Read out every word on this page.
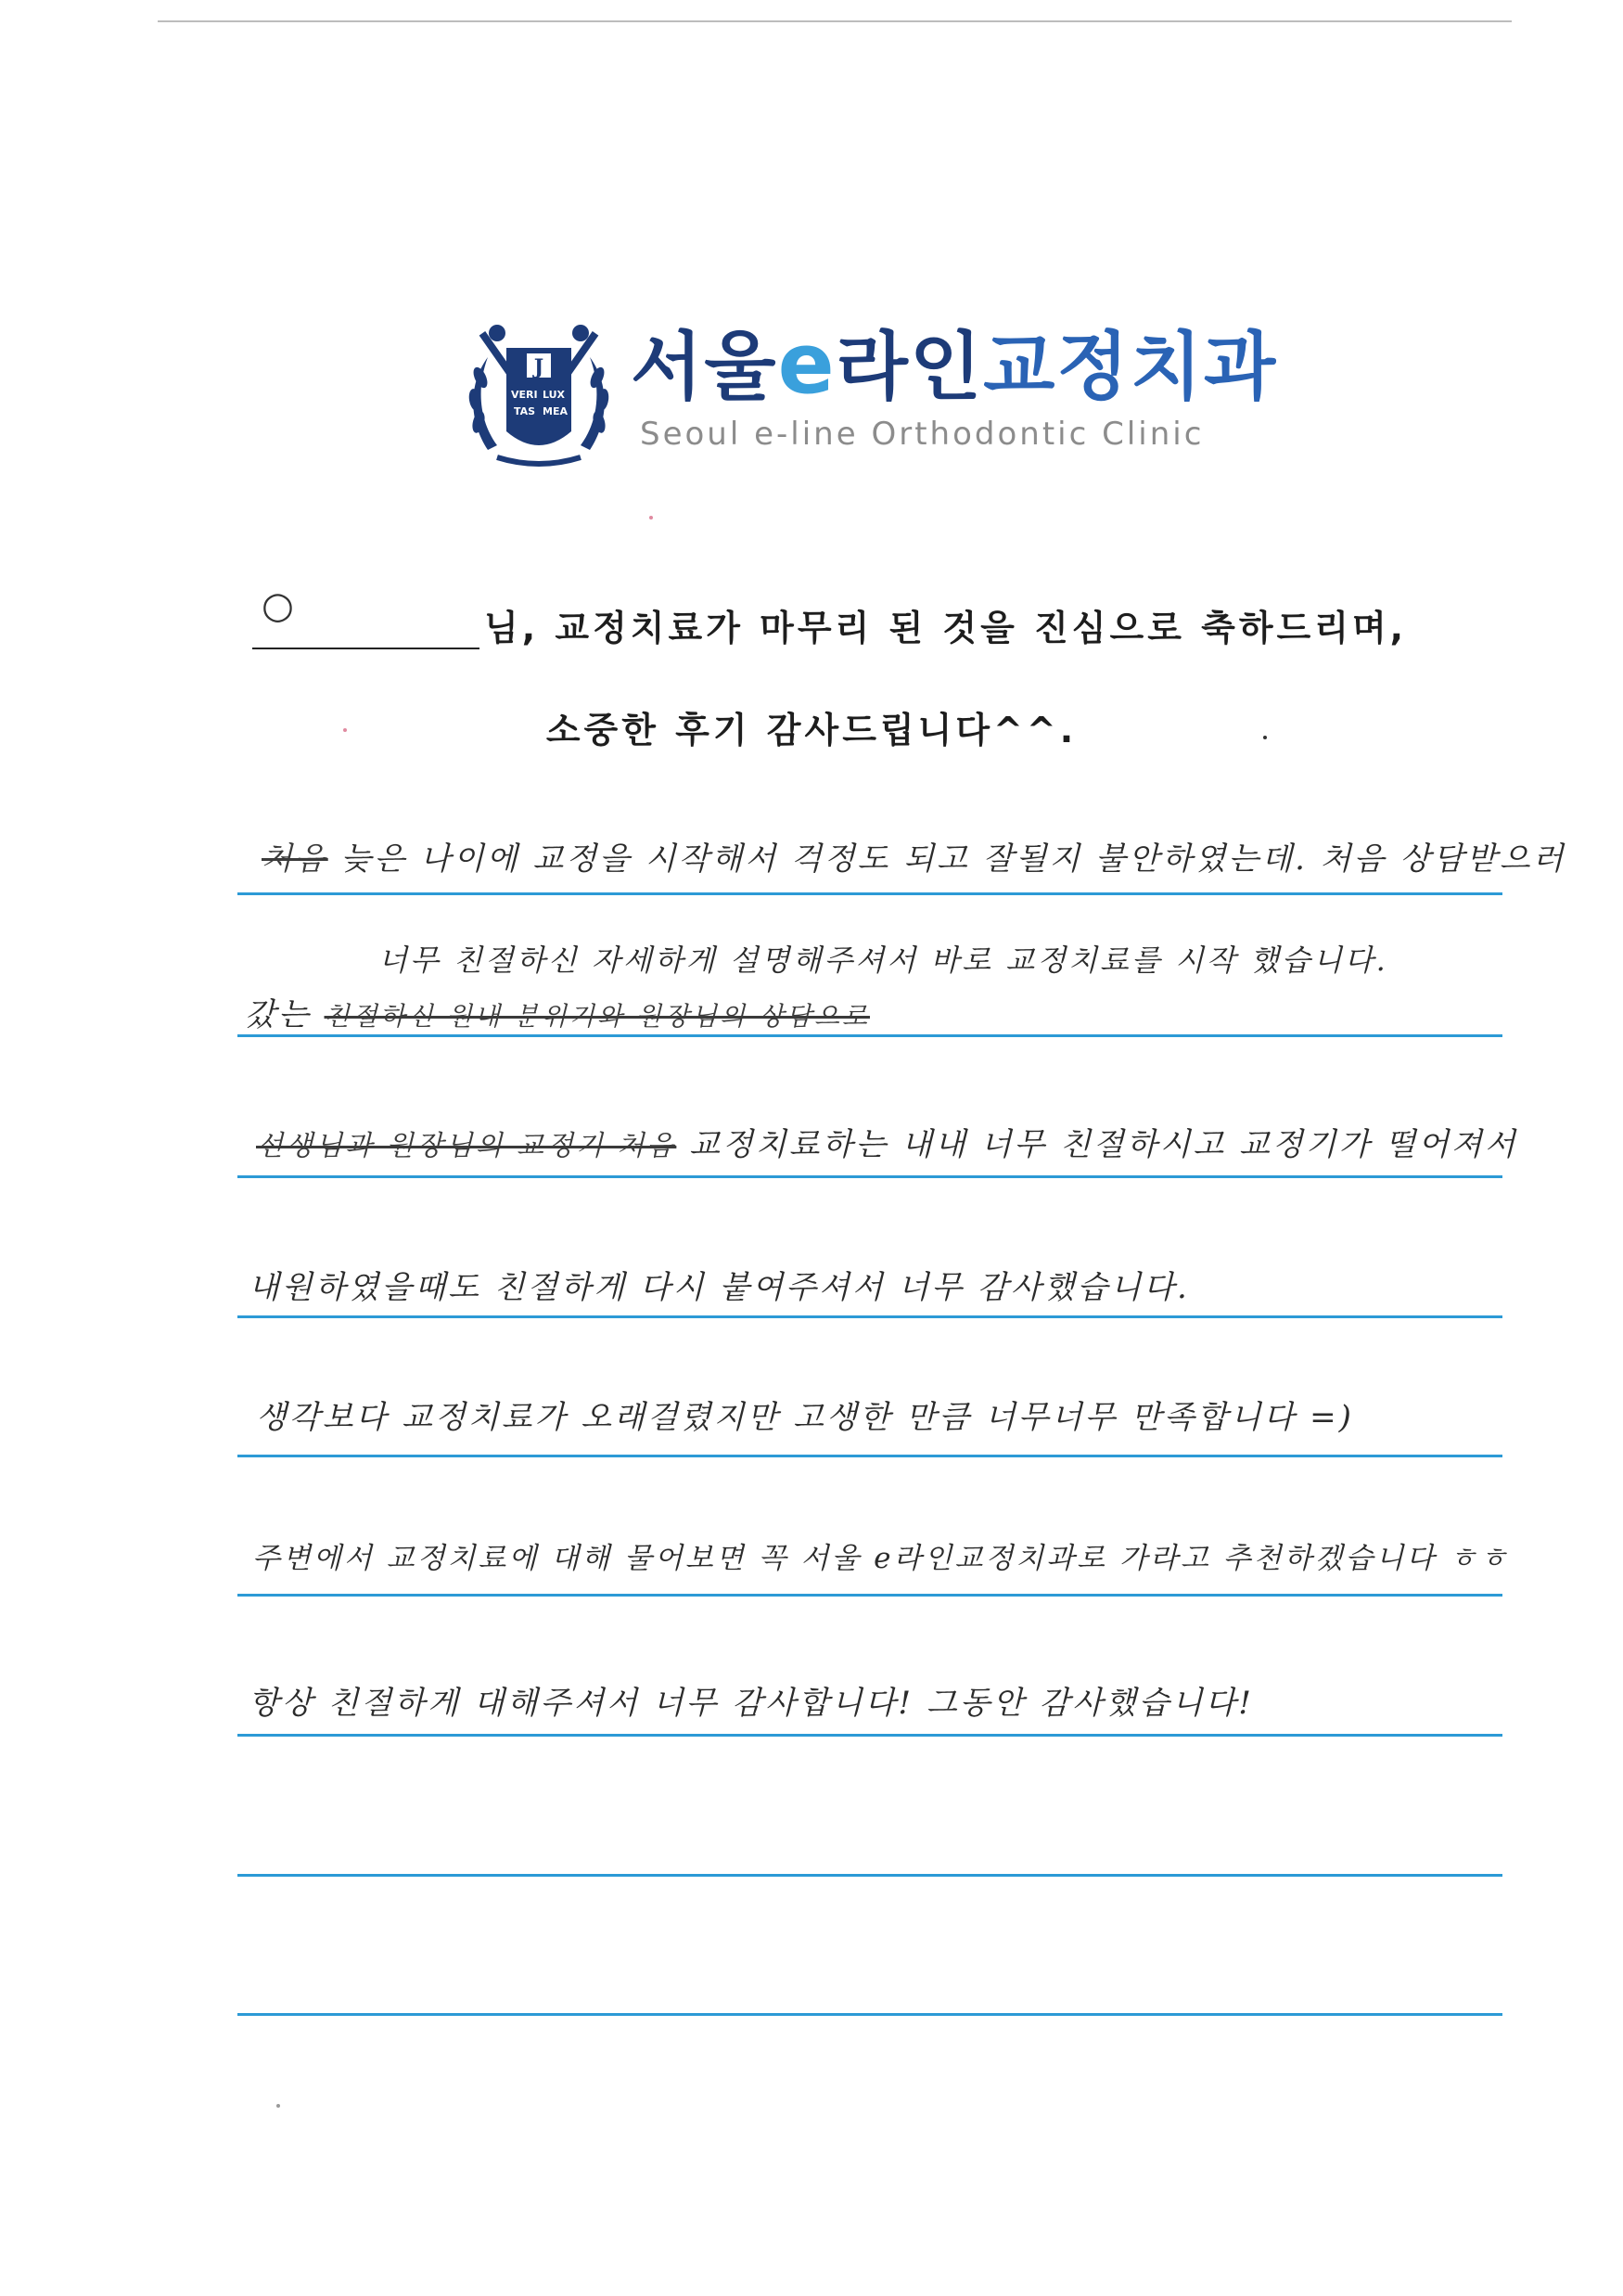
J
VERI LUX
TAS MEA
서울e라인교정치과
Seoul e-line Orthodontic Clinic
○
님, 교정치료가 마무리 된 것을 진심으로 축하드리며,
소중한 후기 감사드립니다^^.
처음 늦은 나이에 교정을 시작해서 걱정도 되고 잘될지 불안하였는데. 처음 상담받으러
너무 친절하신 자세하게 설명해주셔서 바로 교정치료를 시작 했습니다.
갔는 친절하신 원내 분위기와 원장님의 상담으로
선생님과 원장님의 교정기 처음 교정치료하는 내내 너무 친절하시고 교정기가 떨어져서
내원하였을때도 친절하게 다시 붙여주셔서 너무 감사했습니다.
생각보다 교정치료가 오래걸렸지만 고생한 만큼 너무너무 만족합니다 =)
주변에서 교정치료에 대해 물어보면 꼭 서울 e라인교정치과로 가라고 추천하겠습니다 ㅎㅎ
항상 친절하게 대해주셔서 너무 감사합니다! 그동안 감사했습니다!
